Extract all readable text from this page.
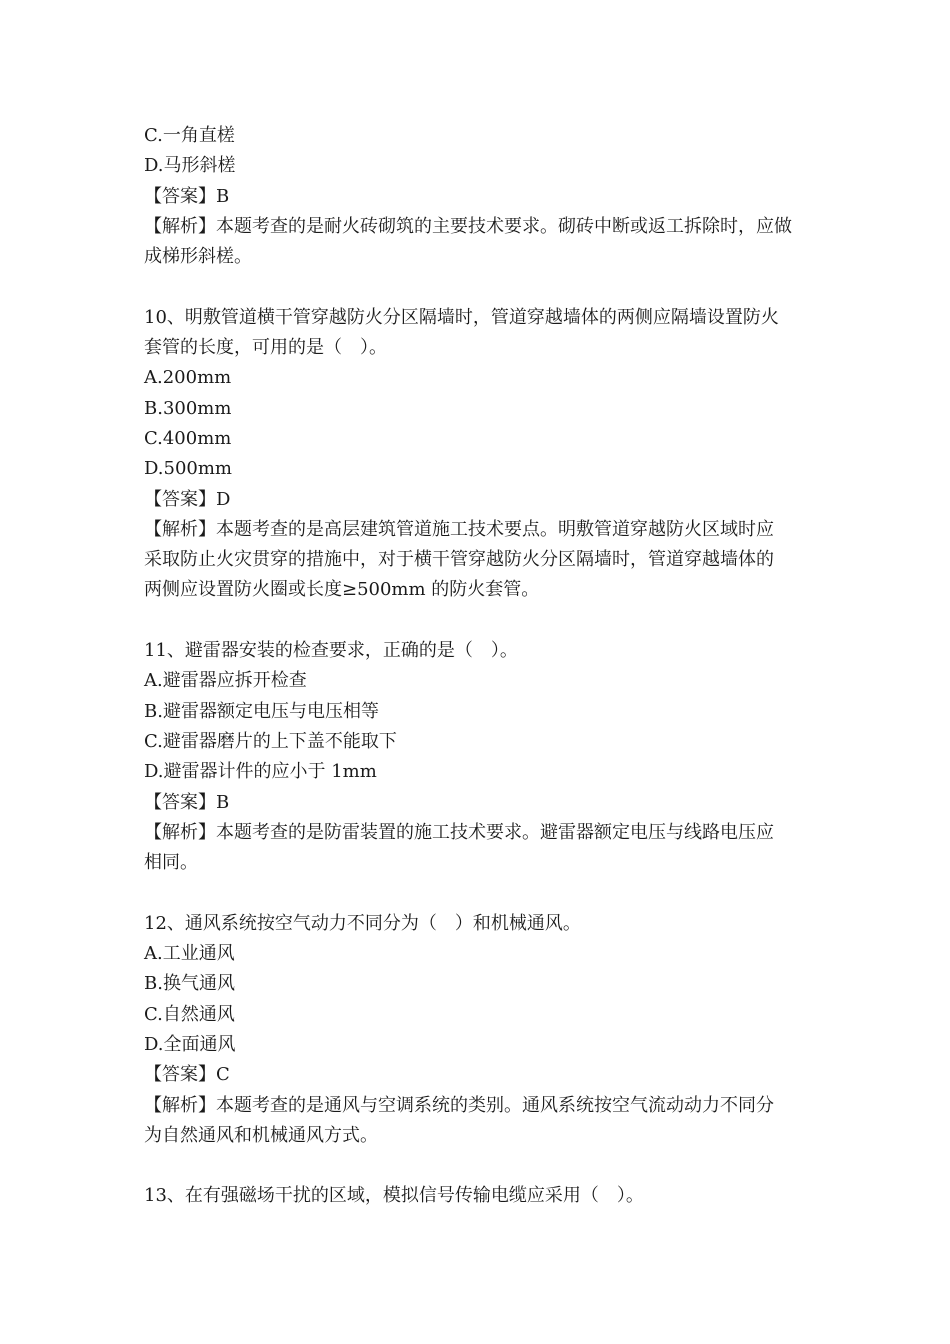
C.一角直槎
D.马形斜槎
【答案】B
【解析】本题考查的是耐火砖砌筑的主要技术要求。砌砖中断或返工拆除时，应做
成梯形斜槎。
10、明敷管道横干管穿越防火分区隔墙时，管道穿越墙体的两侧应隔墙设置防火
套管的长度，可用的是（　）。
A.200mm
B.300mm
C.400mm
D.500mm
【答案】D
【解析】本题考查的是高层建筑管道施工技术要点。明敷管道穿越防火区域时应
采取防止火灾贯穿的措施中，对于横干管穿越防火分区隔墙时，管道穿越墙体的
两侧应设置防火圈或长度≥500mm 的防火套管。
11、避雷器安装的检查要求，正确的是（　）。
A.避雷器应拆开检查
B.避雷器额定电压与电压相等
C.避雷器磨片的上下盖不能取下
D.避雷器计件的应小于 1mm
【答案】B
【解析】本题考查的是防雷装置的施工技术要求。避雷器额定电压与线路电压应
相同。
12、通风系统按空气动力不同分为（　）和机械通风。
A.工业通风
B.换气通风
C.自然通风
D.全面通风
【答案】C
【解析】本题考查的是通风与空调系统的类别。通风系统按空气流动动力不同分
为自然通风和机械通风方式。
13、在有强磁场干扰的区域，模拟信号传输电缆应采用（　）。
